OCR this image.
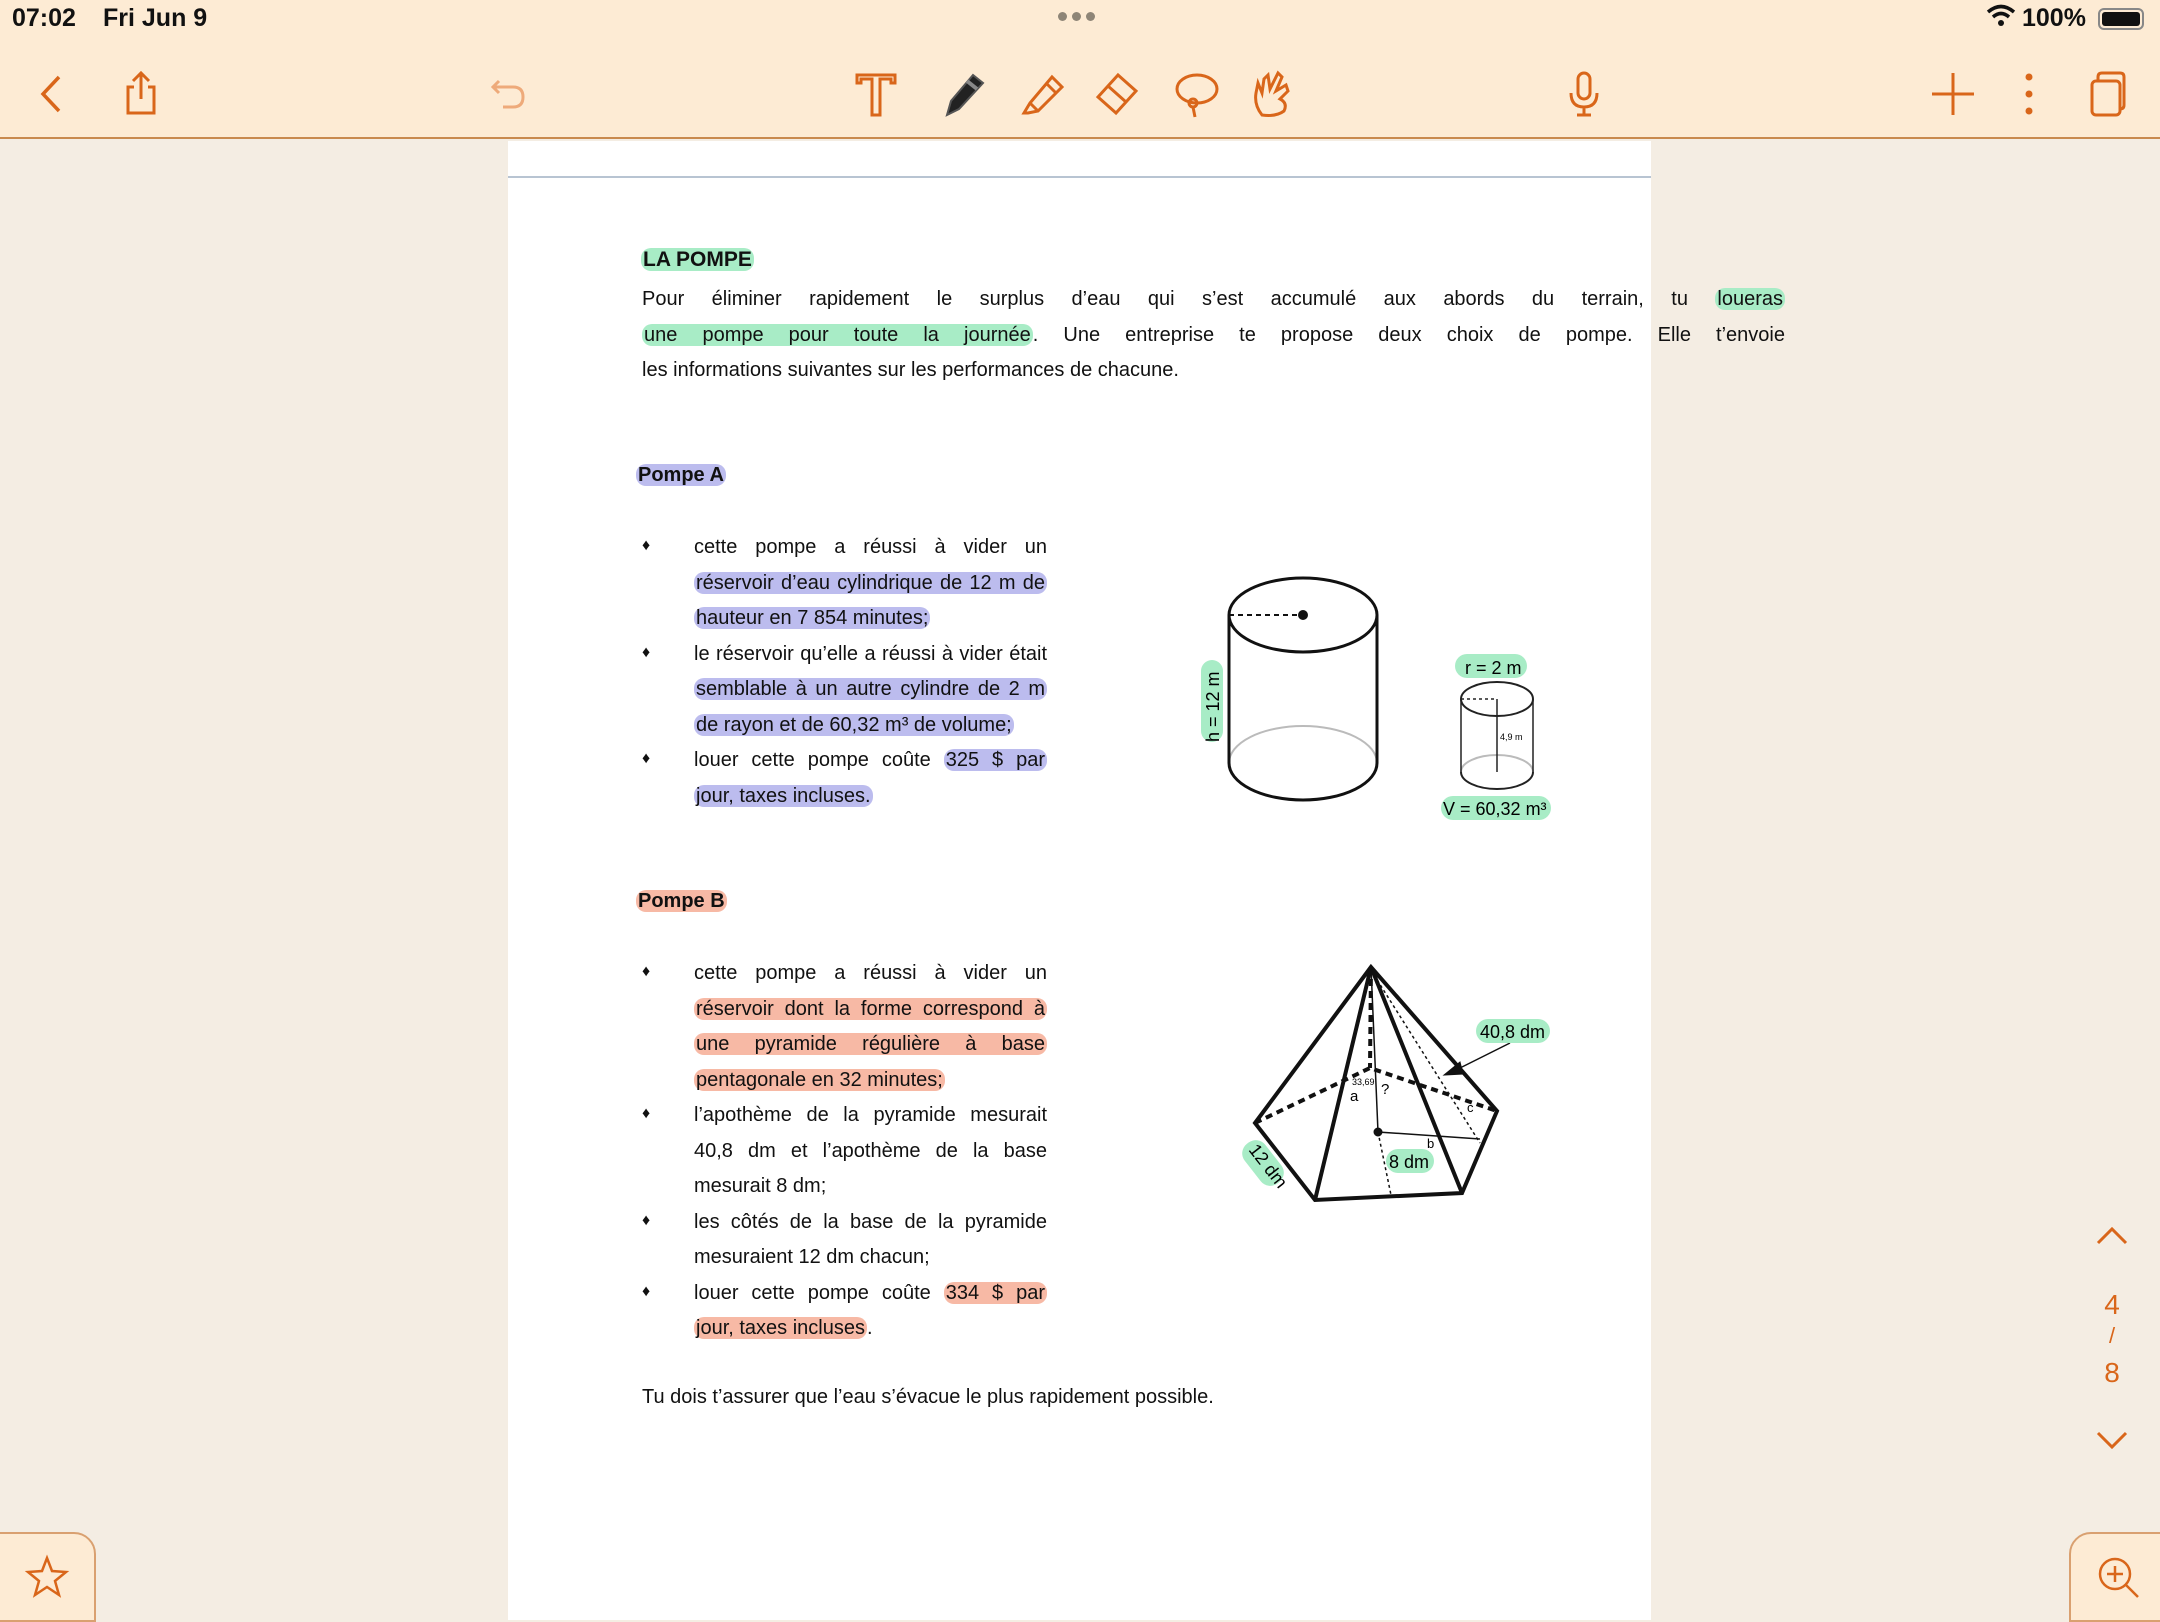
07:02 Fri Jun 9	100%
LA POMPE
Pour éliminer rapidement le surplus d’eau qui s’est accumulé aux abords du terrain, tu loueras
une pompe pour toute la journée . Une entreprise te propose deux choix de pompe. Elle t’envoie
les informations suivantes sur les performances de chacune.
Pompe A
♦ cette pompe a réussi à vider un
réservoir d’eau cylindrique de 12 m de
hauteur en 7 854 minutes;
♦ le réservoir qu’elle a réussi à vider était
semblable à un autre cylindre de 2 m
de rayon et de 60,32 m³ de volume;
♦ louer cette pompe coûte 325 $ par
jour, taxes incluses.
Pompe B
♦ cette pompe a réussi à vider un
réservoir dont la forme correspond à
une pyramide régulière à base
pentagonale en 32 minutes;
♦ l’apothème de la pyramide mesurait
40,8 dm et l’apothème de la base
mesurait 8 dm;
♦ les côtés de la base de la pyramide
mesuraient 12 dm chacun;
♦ louer cette pompe coûte 334 $ par
jour, taxes incluses .
Tu dois t’assurer que l’eau s’évacue le plus rapidement possible.
h = 12 m
r = 2 m
4,9 m
V = 60,32 m³
40,8 dm
8 dm
12 dm
33,69 ?
a
b
c
4
/
8
